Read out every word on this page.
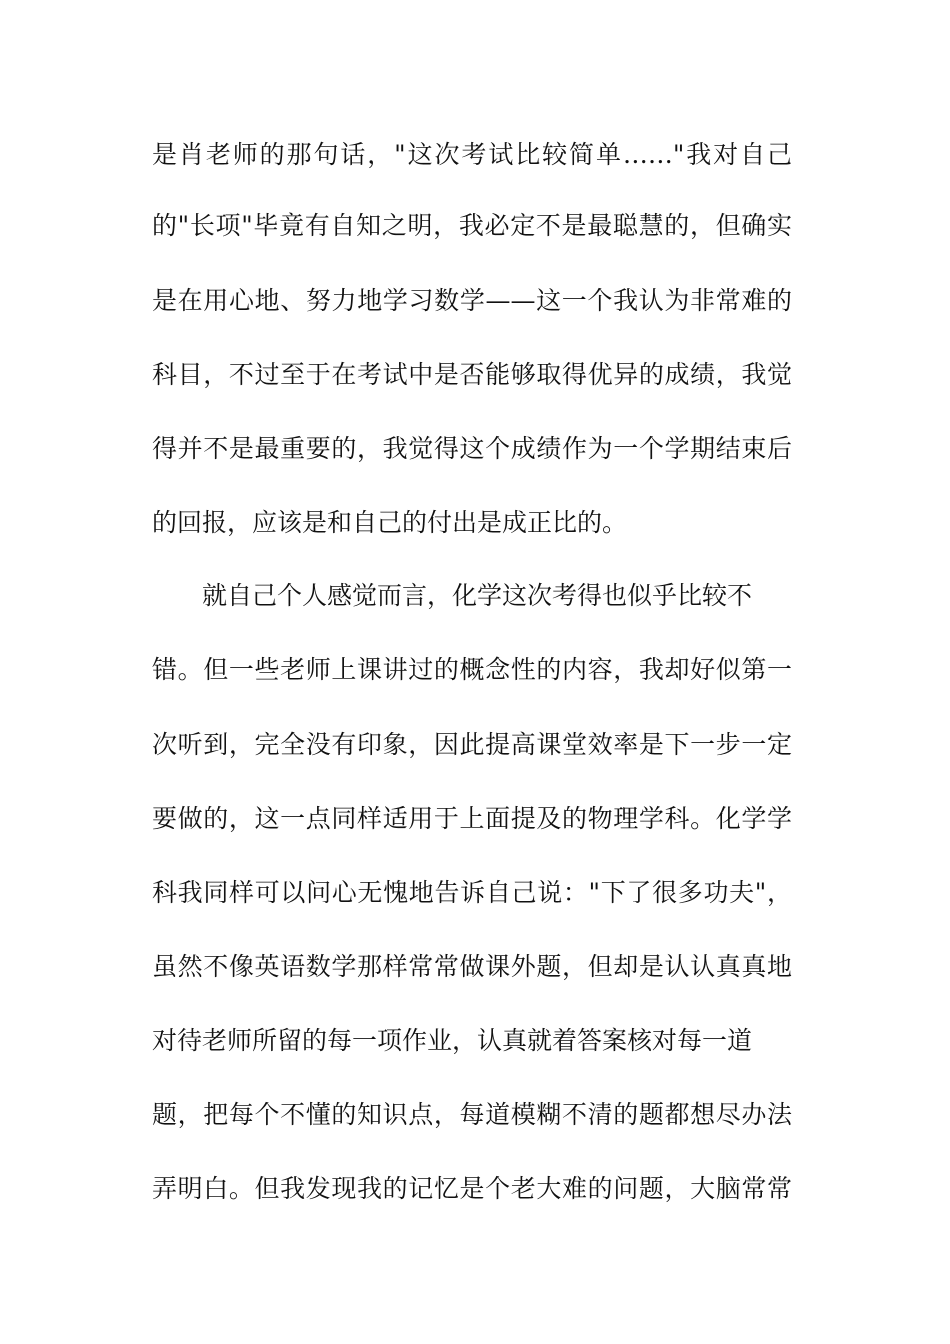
是肖老师的那句话，"这次考试比较简单……"我对自己
的"长项"毕竟有自知之明，我必定不是最聪慧的，但确实
是在用心地、努力地学习数学——这一个我认为非常难的
科目，不过至于在考试中是否能够取得优异的成绩，我觉
得并不是最重要的，我觉得这个成绩作为一个学期结束后
的回报，应该是和自己的付出是成正比的。
就自己个人感觉而言，化学这次考得也似乎比较不
错。但一些老师上课讲过的概念性的内容，我却好似第一
次听到，完全没有印象，因此提高课堂效率是下一步一定
要做的，这一点同样适用于上面提及的物理学科。化学学
科我同样可以问心无愧地告诉自己说："下了很多功夫"，
虽然不像英语数学那样常常做课外题，但却是认认真真地
对待老师所留的每一项作业，认真就着答案核对每一道
题，把每个不懂的知识点，每道模糊不清的题都想尽办法
弄明白。但我发现我的记忆是个老大难的问题，大脑常常
